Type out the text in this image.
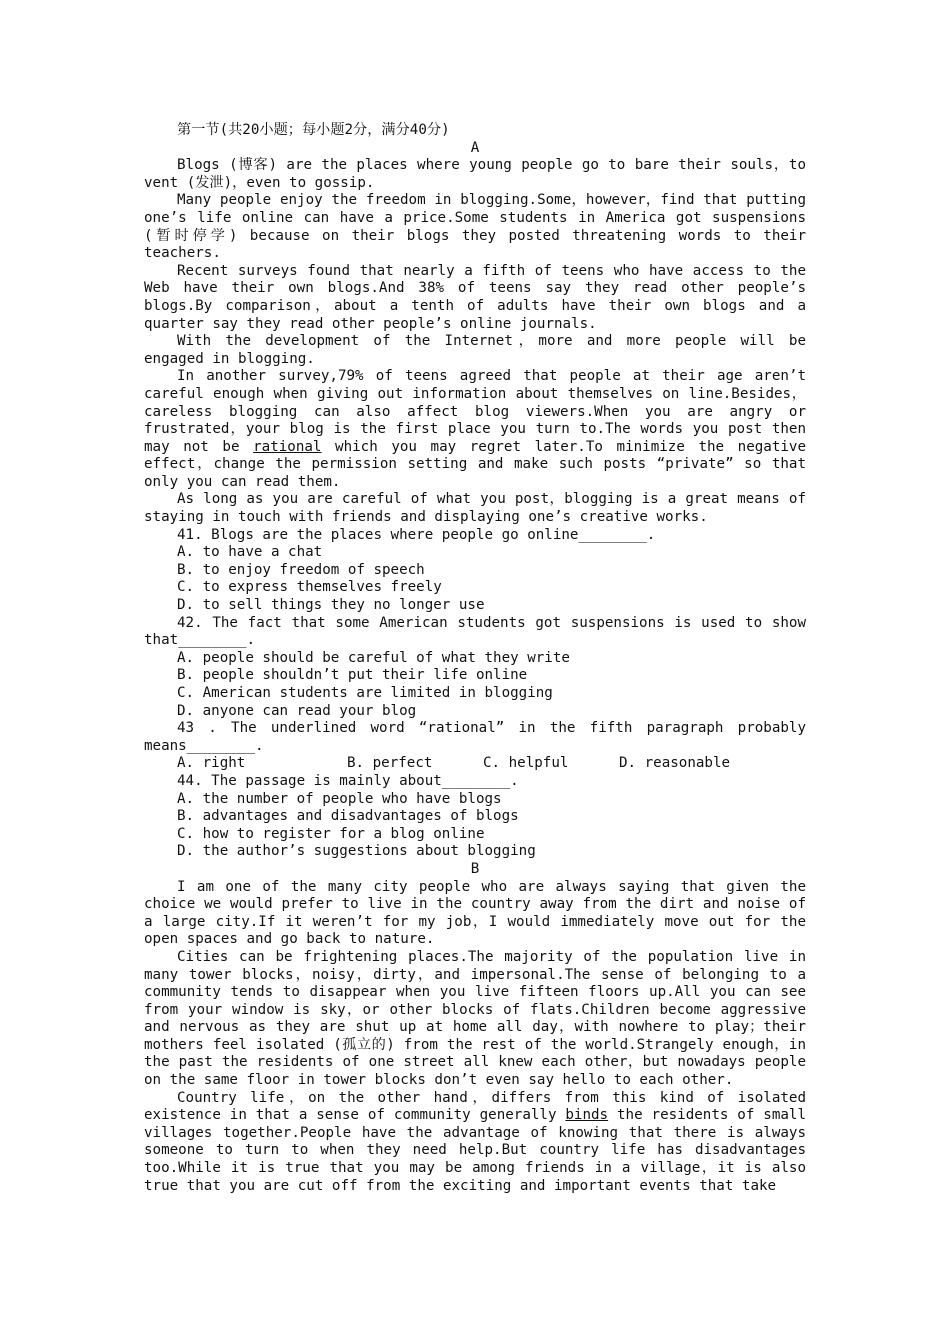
第一节(共20小题；每小题2分，满分40分)

A

Blogs (博客) are the places where young people go to bare their souls，to vent (发泄)，even to gossip.

Many people enjoy the freedom in blogging.Some，however，find that putting one’s life online can have a price.Some students in America got suspensions (暂时停学) because on their blogs they posted threatening words to their teachers.

Recent surveys found that nearly a fifth of teens who have access to the Web have their own blogs.And 38% of teens say they read other people’s blogs.By comparison，about a tenth of adults have their own blogs and a quarter say they read other people’s online journals.

With the development of the Internet，more and more people will be engaged in blogging.

In another survey,79% of teens agreed that people at their age aren’t careful enough when giving out information about themselves on line.Besides，careless blogging can also affect blog viewers.When you are angry or frustrated，your blog is the first place you turn to.The words you post then may not be rational which you may regret later.To minimize the negative effect，change the permission setting and make such posts “private” so that only you can read them.

As long as you are careful of what you post，blogging is a great means of staying in touch with friends and displaying one’s creative works.

41. Blogs are the places where people go online________.

A. to have a chat

B. to enjoy freedom of speech

C. to express themselves freely

D. to sell things they no longer use

42. The fact that some American students got suspensions is used to show that________.

A. people should be careful of what they write

B. people shouldn’t put their life online

C. American students are limited in blogging

D. anyone can read your blog

43 . The underlined word “rational” in the fifth paragraph probably means________.

A. right	B. perfect	C. helpful	D. reasonable

44. The passage is mainly about________.

A. the number of people who have blogs

B. advantages and disadvantages of blogs

C. how to register for a blog online

D. the author’s suggestions about blogging

B

I am one of the many city people who are always saying that given the choice we would prefer to live in the country away from the dirt and noise of a large city.If it weren’t for my job，I would immediately move out for the open spaces and go back to nature.

Cities can be frightening places.The majority of the population live in many tower blocks，noisy，dirty，and impersonal.The sense of belonging to a community tends to disappear when you live fifteen floors up.All you can see from your window is sky，or other blocks of flats.Children become aggressive and nervous as they are shut up at home all day，with nowhere to play；their mothers feel isolated (孤立的) from the rest of the world.Strangely enough，in the past the residents of one street all knew each other，but nowadays people on the same floor in tower blocks don’t even say hello to each other.

Country life，on the other hand，differs from this kind of isolated existence in that a sense of community generally binds the residents of small villages together.People have the advantage of knowing that there is always someone to turn to when they need help.But country life has disadvantages too.While it is true that you may be among friends in a village，it is also true that you are cut off from the exciting and important events that take
